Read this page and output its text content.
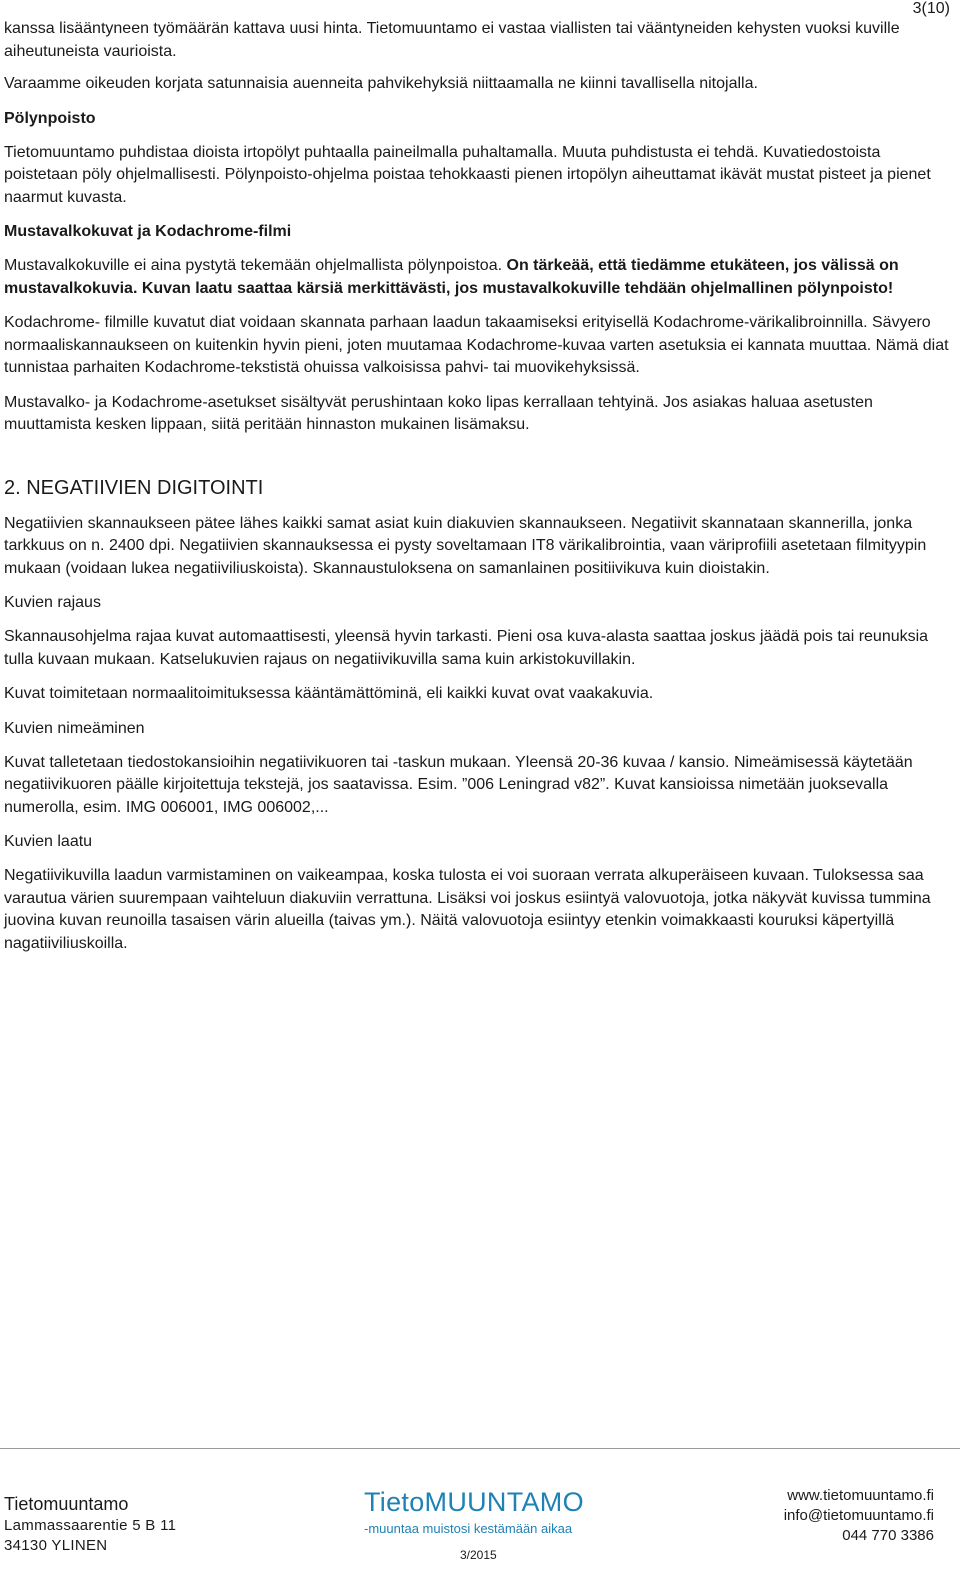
3(10)

kanssa lisääntyneen työmäärän kattava uusi hinta. Tietomuuntamo ei vastaa viallisten tai vääntyneiden kehysten vuoksi kuville aiheutuneista vaurioista.

Varaamme oikeuden korjata satunnaisia auenneita pahvikehyksiä niittaamalla ne kiinni tavallisella nitojalla.

Pölynpoisto

Tietomuuntamo puhdistaa dioista irtopölyt puhtaalla paineilmalla puhaltamalla. Muuta puhdistusta ei tehdä. Kuvatiedostoista poistetaan pöly ohjelmallisesti. Pölynpoisto-ohjelma poistaa tehokkaasti pienen irtopölyn aiheuttamat ikävät mustat pisteet ja pienet naarmut kuvasta.

Mustavalkokuvat ja Kodachrome-filmi

Mustavalkokuville ei aina pystytä tekemään ohjelmallista pölynpoistoa. On tärkeää, että tiedämme etukäteen, jos välissä on mustavalkokuvia. Kuvan laatu saattaa kärsiä merkittävästi, jos mustavalkokuville tehdään ohjelmallinen pölynpoisto!

Kodachrome- filmille kuvatut diat voidaan skannata parhaan laadun takaamiseksi erityisellä Kodachrome-värikalibroinnilla. Sävyero normaaliskannaukseen on kuitenkin hyvin pieni, joten muutamaa Kodachrome-kuvaa varten asetuksia ei kannata muuttaa. Nämä diat tunnistaa parhaiten Kodachrome-tekstistä ohuissa valkoisissa pahvi- tai muovikehyksissä.

Mustavalko- ja Kodachrome-asetukset sisältyvät perushintaan koko lipas kerrallaan tehtyinä. Jos asiakas haluaa asetusten muuttamista kesken lippaan, siitä peritään hinnaston mukainen lisämaksu.

2. NEGATIIVIEN DIGITOINTI

Negatiivien skannaukseen pätee lähes kaikki samat asiat kuin diakuvien skannaukseen. Negatiivit skannataan skannerilla, jonka tarkkuus on n. 2400 dpi. Negatiivien skannauksessa ei pysty soveltamaan IT8 värikalibrointia, vaan väriprofiili asetetaan filmityypin mukaan (voidaan lukea negatiiviliuskoista). Skannaustuloksena on samanlainen positiivikuva kuin dioistakin.

Kuvien rajaus

Skannausohjelma rajaa kuvat automaattisesti, yleensä hyvin tarkasti. Pieni osa kuva-alasta saattaa joskus jäädä pois tai reunuksia tulla kuvaan mukaan. Katselukuvien rajaus on negatiivikuvilla sama kuin arkistokuvillakin.

Kuvat toimitetaan normaalitoimituksessa kääntämättöminä, eli kaikki kuvat ovat vaakakuvia.

Kuvien nimeäminen

Kuvat talletetaan tiedostokansioihin negatiivikuoren tai -taskun mukaan. Yleensä 20-36 kuvaa / kansio. Nimeämisessä käytetään negatiivikuoren päälle kirjoitettuja tekstejä, jos saatavissa. Esim. ”006 Leningrad v82”. Kuvat kansioissa nimetään juoksevalla numerolla, esim. IMG 006001, IMG 006002,...

Kuvien laatu

Negatiivikuvilla laadun varmistaminen on vaikeampaa, koska tulosta ei voi suoraan verrata alkuperäiseen kuvaan. Tuloksessa saa varautua värien suurempaan vaihteluun diakuviin verrattuna. Lisäksi voi joskus esiintyä valovuotoja, jotka näkyvät kuvissa tummina juovina kuvan reunoilla tasaisen värin alueilla (taivas ym.). Näitä valovuotoja esiintyy etenkin voimakkaasti kouruksi käpertyillä nagatiiviliuskoilla.

Tietomuuntamo
Lammassaarentie 5 B 11
34130 YLINEN
TietoMUUNTAMO
-muuntaa muistosi kestämään aikaa
3/2015
www.tietomuuntamo.fi
info@tietomuuntamo.fi
044 770 3386
